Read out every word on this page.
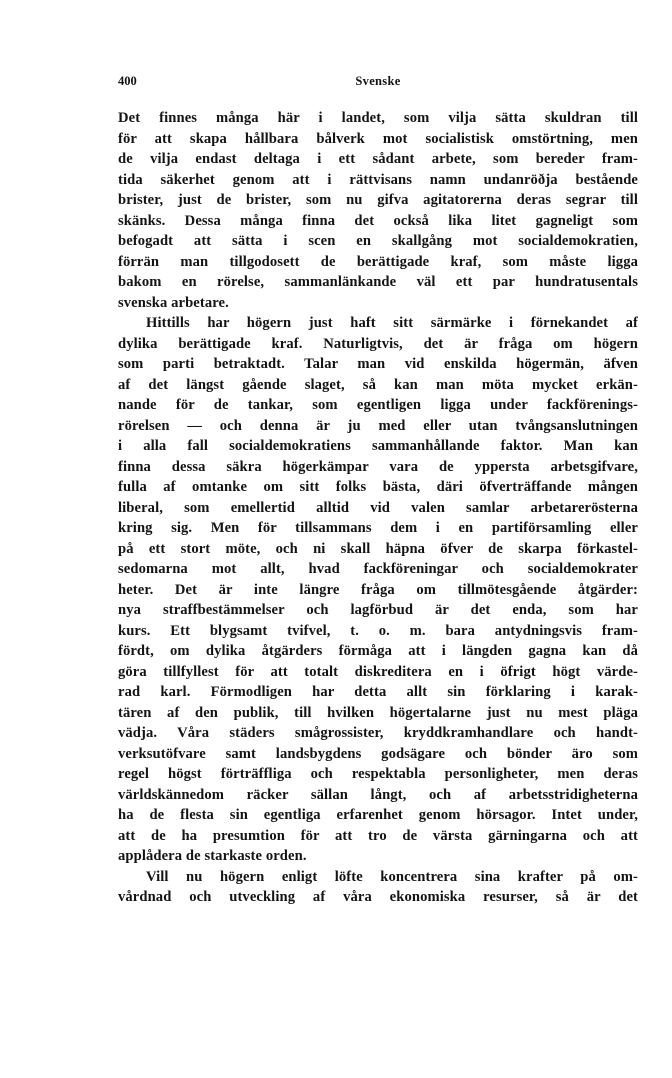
400	Svenske
Det finnes många här i landet, som vilja sätta skuldran till
för att skapa hållbara bålverk mot socialistisk omstörtning, men
de vilja endast deltaga i ett sådant arbete, som bereder fram-
tida säkerhet genom att i rättvisans namn undanröðja bestående
brister, just de brister, som nu gifva agitatorerna deras segrar till
skänks. Dessa många finna det också lika litet gagneligt som
befogadt att sätta i scen en skallgång mot socialdemokratien,
förrän man tillgodosett de berättigade kraf, som måste ligga
bakom en rörelse, sammanlänkande väl ett par hundratusentals
svenska arbetare.
Hittills har högern just haft sitt särmärke i förnekandet af
dylika berättigade kraf. Naturligtvis, det är fråga om högern
som parti betraktadt. Talar man vid enskilda högermän, äfven
af det längst gående slaget, så kan man möta mycket erkän-
nande för de tankar, som egentligen ligga under fackförenings-
rörelsen — och denna är ju med eller utan tvångsanslutningen
i alla fall socialdemokratiens sammanhållande faktor. Man kan
finna dessa säkra högerkämpar vara de yppersta arbetsgifvare,
fulla af omtanke om sitt folks bästa, däri öfverträffande mången
liberal, som emellertid alltid vid valen samlar arbetarerösterna
kring sig. Men för tillsammans dem i en partiförsamling eller
på ett stort möte, och ni skall häpna öfver de skarpa förkastel-
sedomarna mot allt, hvad fackföreningar och socialdemokrater
heter. Det är inte längre fråga om tillmötesgående åtgärder:
nya straffbestämmelser och lagförbud är det enda, som har
kurs. Ett blygsamt tvifvel, t. o. m. bara antydningsvis fram-
fördt, om dylika åtgärders förmåga att i längden gagna kan då
göra tillfyllest för att totalt diskreditera en i öfrigt högt värde-
rad karl. Förmodligen har detta allt sin förklaring i karak-
tären af den publik, till hvilken högertalarne just nu mest pläga
vädja. Våra städers smågrossister, kryddkramhandlare och handt-
verksutöfvare samt landsbygdens godsägare och bönder äro som
regel högst förträffliga och respektabla personligheter, men deras
världskännedom räcker sällan långt, och af arbetsstridigheterna
ha de flesta sin egentliga erfarenhet genom hörsagor. Intet under,
att de ha presumtion för att tro de värsta gärningarna och att
applådera de starkaste orden.
Vill nu högern enligt löfte koncentrera sina krafter på om-
vårdnad och utveckling af våra ekonomiska resurser, så är det
